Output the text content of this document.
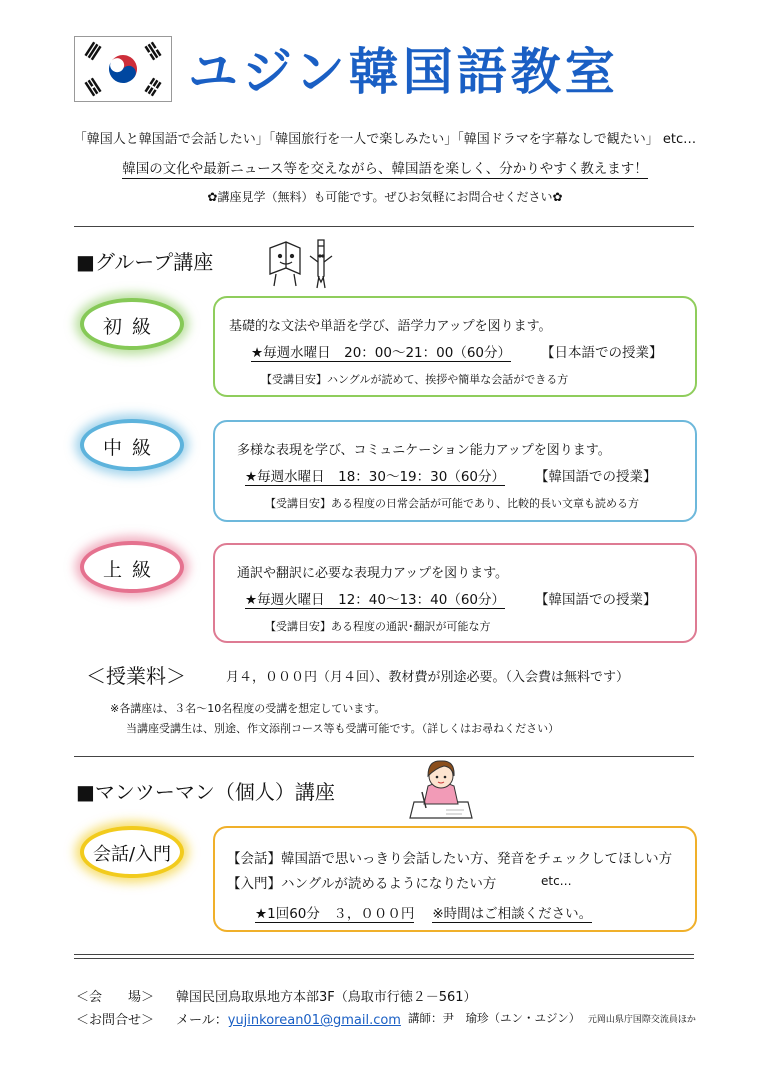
ユジン韓国語教室
「韓国人と韓国語で会話したい」「韓国旅行を一人で楽しみたい」「韓国ドラマを字幕なしで観たい」 etc…
韓国の文化や最新ニュース等を交えながら、韓国語を楽しく、分かりやすく教えます！
✿講座見学（無料）も可能です。ぜひお気軽にお問合せください✿
■グループ講座
初級	基礎的な文法や単語を学び、語学力アップを図ります。
★毎週水曜日　20：00～21：00（60分） 【日本語での授業】
【受講目安】ハングルが読めて、挨拶や簡単な会話ができる方
中級	多様な表現を学び、コミュニケーション能力アップを図ります。
★毎週水曜日　18：30～19：30（60分） 【韓国語での授業】
【受講目安】ある程度の日常会話が可能であり、比較的長い文章も読める方
上級	通訳や翻訳に必要な表現力アップを図ります。
★毎週火曜日　12：40～13：40（60分） 【韓国語での授業】
【受講目安】ある程度の通訳･翻訳が可能な方
＜授業料＞	月４，０００円（月４回）、教材費が別途必要。（入会費は無料です）
※各講座は、３名～10名程度の受講を想定しています。
当講座受講生は、別途、作文添削コース等も受講可能です。（詳しくはお尋ねください）
■マンツーマン（個人）講座
会話/入門	【会話】韓国語で思いっきり会話したい方、発音をチェックしてほしい方
【入門】ハングルが読めるようになりたい方	etc…
★1回60分　３，０００円 ※時間はご相談ください。
＜会　　場＞ 韓国民団鳥取県地方本部3F（鳥取市行徳２－561）
＜お問合せ＞ メール：yujinkorean01@gmail.com 講師：尹　瑜珍（ユン・ユジン） 元岡山県庁国際交流員ほか
